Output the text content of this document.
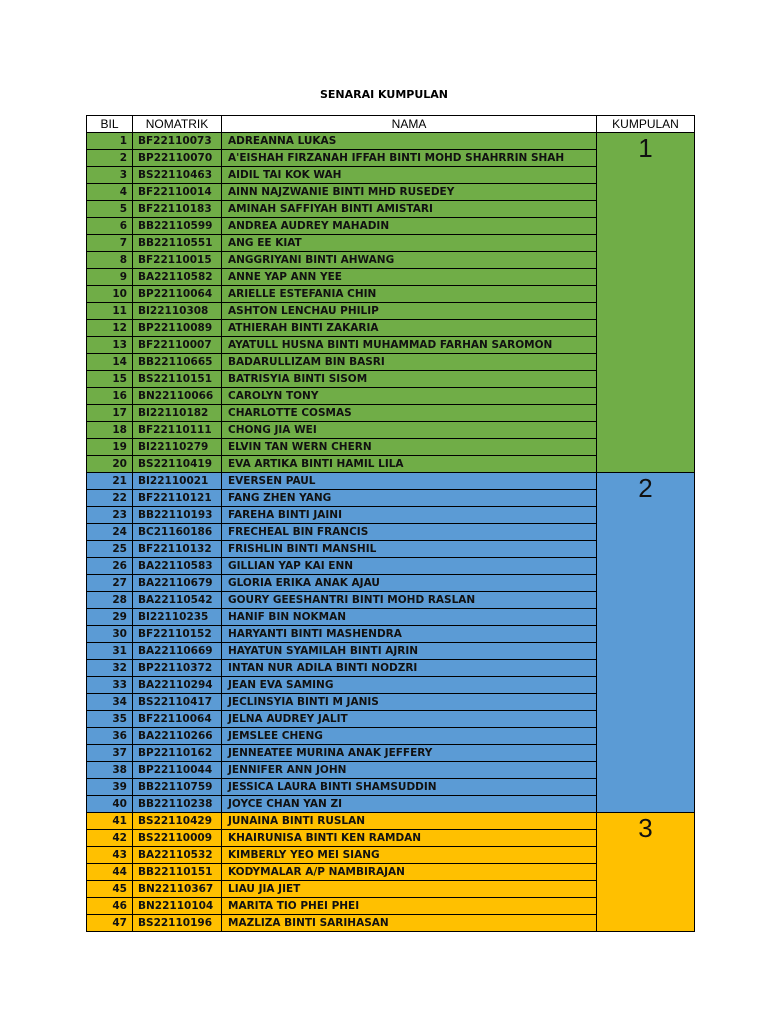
SENARAI KUMPULAN
BIL	NOMATRIK	NAMA	KUMPULAN
1	BF22110073	ADREANNA LUKAS	1
2	BP22110070	A'EISHAH FIRZANAH IFFAH BINTI MOHD SHAHRRIN SHAH	
3	BS22110463	AIDIL TAI KOK WAH	
4	BF22110014	AINN NAJZWANIE BINTI MHD RUSEDEY	
5	BF22110183	AMINAH SAFFIYAH BINTI AMISTARI	
6	BB22110599	ANDREA AUDREY MAHADIN	
7	BB22110551	ANG EE KIAT	
8	BF22110015	ANGGRIYANI BINTI AHWANG	
9	BA22110582	ANNE YAP ANN YEE	
10	BP22110064	ARIELLE ESTEFANIA CHIN	
11	BI22110308	ASHTON LENCHAU PHILIP	
12	BP22110089	ATHIERAH BINTI ZAKARIA	
13	BF22110007	AYATULL HUSNA BINTI MUHAMMAD FARHAN SAROMON	
14	BB22110665	BADARULLIZAM BIN BASRI	
15	BS22110151	BATRISYIA BINTI SISOM	
16	BN22110066	CAROLYN TONY	
17	BI22110182	CHARLOTTE COSMAS	
18	BF22110111	CHONG JIA WEI	
19	BI22110279	ELVIN TAN WERN CHERN	
20	BS22110419	EVA ARTIKA BINTI HAMIL LILA	
21	BI22110021	EVERSEN PAUL	2
22	BF22110121	FANG ZHEN YANG	
23	BB22110193	FAREHA BINTI JAINI	
24	BC21160186	FRECHEAL BIN FRANCIS	
25	BF22110132	FRISHLIN BINTI MANSHIL	
26	BA22110583	GILLIAN YAP KAI ENN	
27	BA22110679	GLORIA ERIKA ANAK AJAU	
28	BA22110542	GOURY GEESHANTRI BINTI MOHD RASLAN	
29	BI22110235	HANIF BIN NOKMAN	
30	BF22110152	HARYANTI BINTI MASHENDRA	
31	BA22110669	HAYATUN SYAMILAH BINTI AJRIN	
32	BP22110372	INTAN NUR ADILA BINTI NODZRI	
33	BA22110294	JEAN EVA SAMING	
34	BS22110417	JECLINSYIA BINTI M JANIS	
35	BF22110064	JELNA AUDREY JALIT	
36	BA22110266	JEMSLEE CHENG	
37	BP22110162	JENNEATEE MURINA ANAK JEFFERY	
38	BP22110044	JENNIFER ANN JOHN	
39	BB22110759	JESSICA LAURA BINTI SHAMSUDDIN	
40	BB22110238	JOYCE CHAN YAN ZI	
41	BS22110429	JUNAINA BINTI RUSLAN	3
42	BS22110009	KHAIRUNISA BINTI KEN RAMDAN	
43	BA22110532	KIMBERLY YEO MEI SIANG	
44	BB22110151	KODYMALAR A/P NAMBIRAJAN	
45	BN22110367	LIAU JIA JIET	
46	BN22110104	MARITA TIO PHEI PHEI	
47	BS22110196	MAZLIZA BINTI SARIHASAN	
